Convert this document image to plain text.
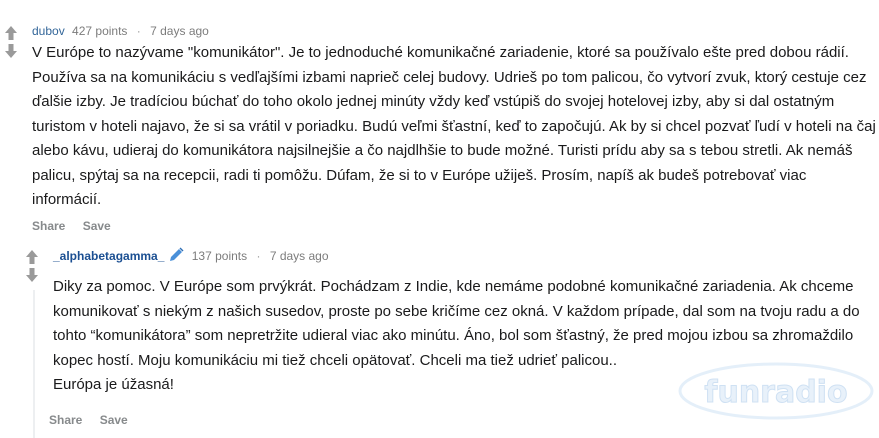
dubov 427 points · 7 days ago

V Európe to nazývame "komunikátor". Je to jednoduché komunikačné zariadenie, ktoré sa používalo ešte pred dobou rádií. Používa sa na komunikáciu s vedľajšími izbami naprieč celej budovy. Udrieš po tom palicou, čo vytvorí zvuk, ktorý cestuje cez ďalšie izby. Je tradíciou búchať do toho okolo jednej minúty vždy keď vstúpiš do svojej hotelovej izby, aby si dal ostatným turistom v hoteli najavo, že si sa vrátil v poriadku. Budú veľmi šťastní, keď to započujú. Ak by si chcel pozvať ľudí v hoteli na čaj alebo kávu, udieraj do komunikátora najsilnejšie a čo najdlhšie to bude možné. Turisti prídu aby sa s tebou stretli. Ak nemáš palicu, spýtaj sa na recepcii, radi ti pomôžu. Dúfam, že si to v Európe užiješ. Prosím, napíš ak budeš potrebovať viac informácií.

Share Save
_alphabetagamma_ 137 points · 7 days ago

Diky za pomoc. V Európe som prvýkrát. Pochádzam z Indie, kde nemáme podobné komunikačné zariadenia. Ak chceme komunikovať s niekým z našich susedov, proste po sebe kričíme cez okná. V každom prípade, dal som na tvoju radu a do tohto “komunikátora” som nepretržite udieral viac ako minútu. Áno, bol som šťastný, že pred mojou izbou sa zhromaždilo kopec hostí. Moju komunikáciu mi tiež chceli opätovať. Chceli ma tiež udrieť palicou..

Európa je úžasná!

Share Save
funradio
